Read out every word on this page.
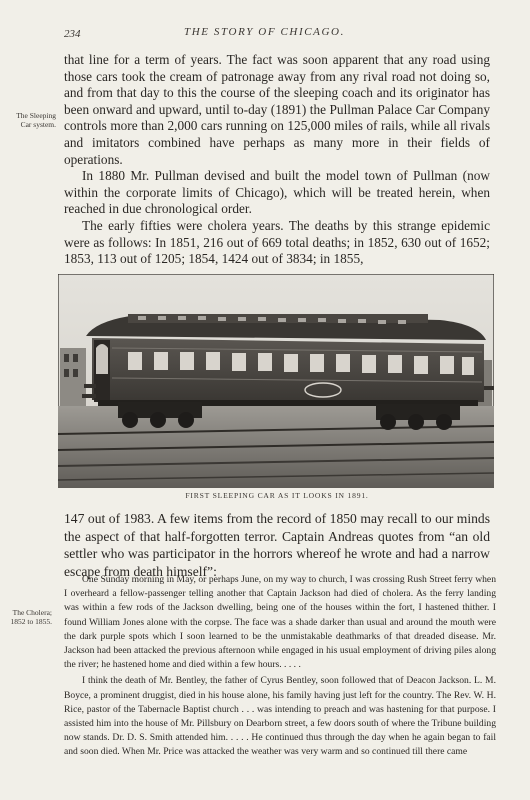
234	THE STORY OF CHICAGO.
The Sleeping Car system.

that line for a term of years. The fact was soon apparent that any road using those cars took the cream of patronage away from any rival road not doing so, and from that day to this the course of the sleeping coach and its originator has been onward and upward, until to-day (1891) the Pullman Palace Car Company controls more than 2,000 cars running on 125,000 miles of rails, while all rivals and imitators combined have perhaps as many more in their fields of operations.

In 1880 Mr. Pullman devised and built the model town of Pullman (now within the corporate limits of Chicago), which will be treated herein, when reached in due chronological order.

The early fifties were cholera years. The deaths by this strange epidemic were as follows: In 1851, 216 out of 669 total deaths; in 1852, 630 out of 1652; 1853, 113 out of 1205; 1854, 1424 out of 3834; in 1855,

FIRST SLEEPING CAR AS IT LOOKS IN 1891.

147 out of 1983. A few items from the record of 1850 may recall to our minds the aspect of that half-forgotten terror. Captain Andreas quotes from “an old settler who was participator in the horrors whereof he wrote and had a narrow escape from death himself”:

The Cholera; 1852 to 1855.

One Sunday morning in May, or perhaps June, on my way to church, I was crossing Rush Street ferry when I overheard a fellow-passenger telling another that Captain Jackson had died of cholera. As the ferry landing was within a few rods of the Jackson dwelling, being one of the houses within the fort, I hastened thither. I found William Jones alone with the corpse. The face was a shade darker than usual and around the mouth were the dark purple spots which I soon learned to be the unmistakable deathmarks of that dreaded disease. Mr. Jackson had been attacked the previous afternoon while engaged in his usual employment of driving piles along the river; he hastened home and died within a few hours. . . . .

I think the death of Mr. Bentley, the father of Cyrus Bentley, soon followed that of Deacon Jackson. L. M. Boyce, a prominent druggist, died in his house alone, his family having just left for the country. The Rev. W. H. Rice, pastor of the Tabernacle Baptist church . . . was intending to preach and was hastening for that purpose. I assisted him into the house of Mr. Pillsbury on Dearborn street, a few doors south of where the Tribune building now stands. Dr. D. S. Smith attended him. . . . . He continued thus through the day when he again began to fail and soon died. When Mr. Price was attacked the weather was very warm and so continued till there came
